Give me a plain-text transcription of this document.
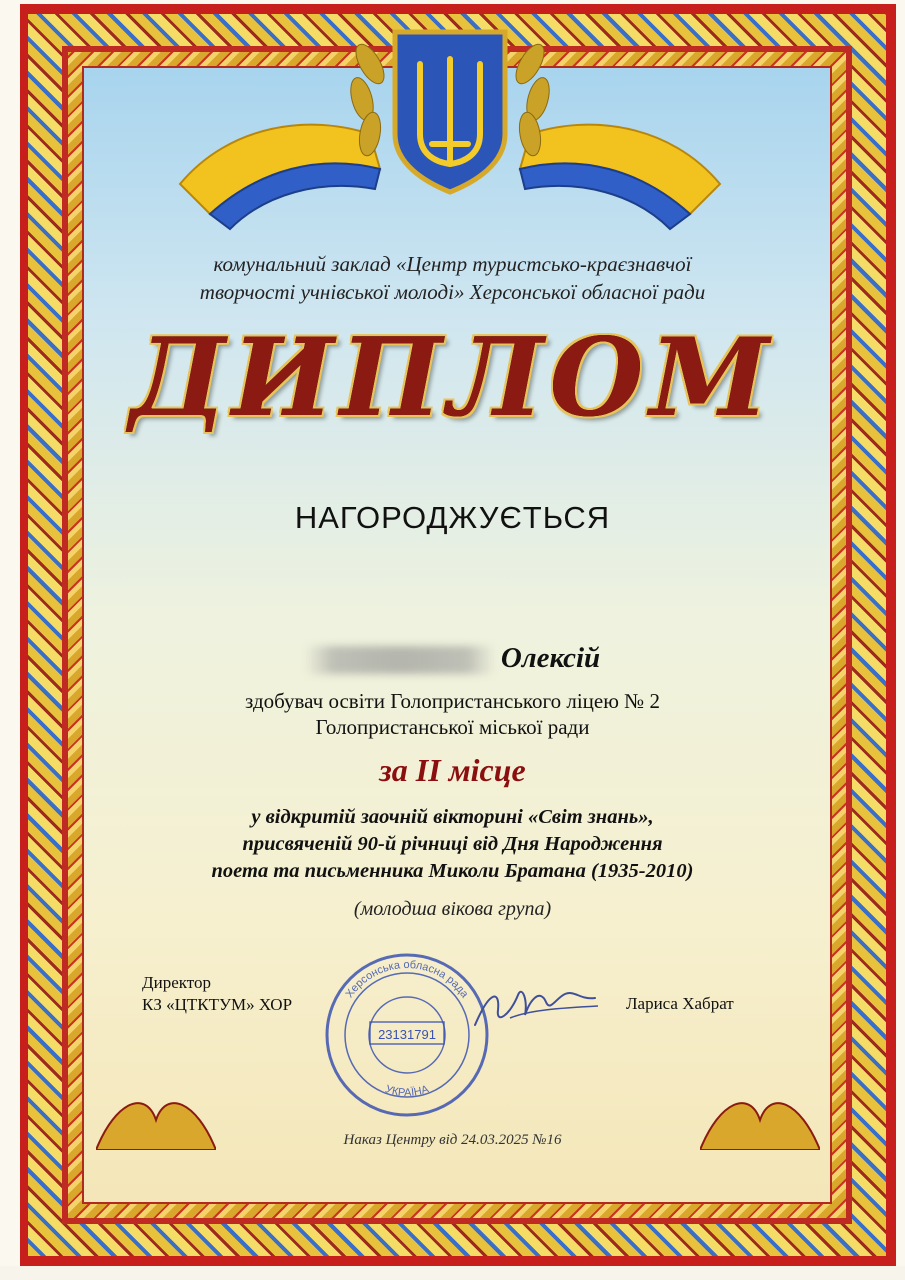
комунальний заклад «Центр туристсько-краєзнавчої
творчості учнівської молоді» Херсонської обласної ради
ДИПЛОМ
НАГОРОДЖУЄТЬСЯ
Олексій
здобувач освіти Голопристанського ліцею № 2
Голопристанської міської ради
за II місце
у відкритій заочній вікторині «Світ знань»,
присвяченій 90-й річниці від Дня Народження
поета та письменника Миколи Братана (1935-2010)
(молодша вікова група)
Директор
КЗ «ЦТКТУМ» ХОР	Лариса Хабрат
23131791
Херсонська обласна рада
УКРАЇНА
Наказ Центру від 24.03.2025 №16
